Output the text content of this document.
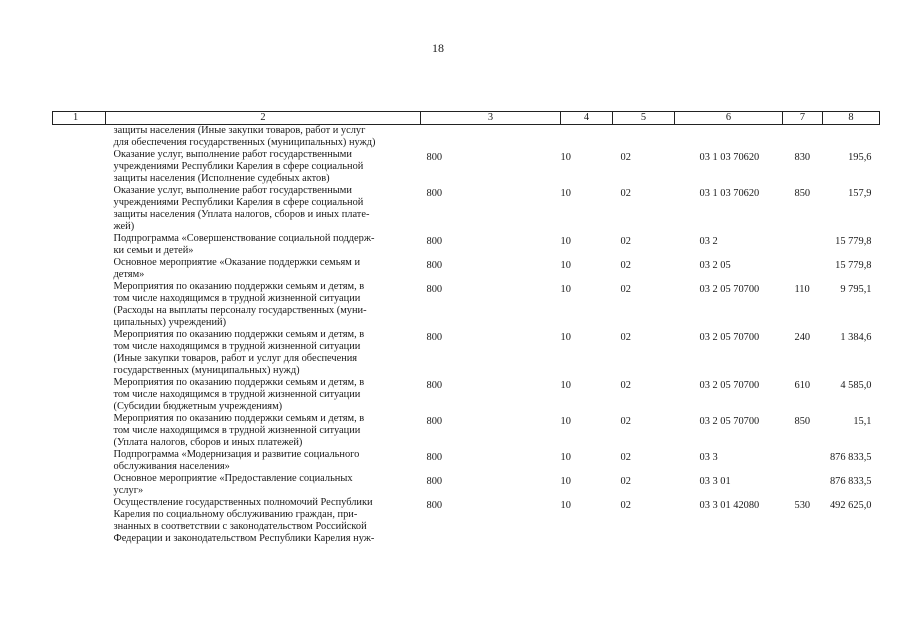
18
1	2	3	4	5	6	7	8

	защиты населения (Иные закупки товаров, работ и услуг
для обеспечения государственных (муниципальных) нужд)						

	Оказание услуг, выполнение работ государственными
учреждениями Республики Карелия в сфере социальной
защиты населения (Исполнение судебных актов)	800	10	02	03 1 03 70620	830	195,6

	Оказание услуг, выполнение работ государственными
учреждениями Республики Карелия в сфере социальной
защиты населения (Уплата налогов, сборов и иных плате-
жей)	800	10	02	03 1 03 70620	850	157,9

	Подпрограмма «Совершенствование социальной поддерж-
ки семьи и детей»	800	10	02	03 2		15 779,8

	Основное мероприятие «Оказание поддержки семьям и
детям»	800	10	02	03 2 05		15 779,8

	Мероприятия по оказанию поддержки семьям и детям, в
том числе находящимся в трудной жизненной ситуации
(Расходы на выплаты персоналу государственных (муни-
ципальных) учреждений)	800	10	02	03 2 05 70700	110	9 795,1

	Мероприятия по оказанию поддержки семьям и детям, в
том числе находящимся в трудной жизненной ситуации
(Иные закупки товаров, работ и услуг для обеспечения
государственных (муниципальных) нужд)	800	10	02	03 2 05 70700	240	1 384,6

	Мероприятия по оказанию поддержки семьям и детям, в
том числе находящимся в трудной жизненной ситуации
(Субсидии бюджетным учреждениям)	800	10	02	03 2 05 70700	610	4 585,0

	Мероприятия по оказанию поддержки семьям и детям, в
том числе находящимся в трудной жизненной ситуации
(Уплата налогов, сборов и иных платежей)	800	10	02	03 2 05 70700	850	15,1

	Подпрограмма «Модернизация и развитие социального
обслуживания населения»	800	10	02	03 3		876 833,5

	Основное мероприятие «Предоставление социальных
услуг»	800	10	02	03 3 01		876 833,5

	Осуществление государственных полномочий Республики
Карелия по социальному обслуживанию граждан, при-
знанных в соответствии с законодательством Российской
Федерации и законодательством Республики Карелия нуж-	800	10	02	03 3 01 42080	530	492 625,0
